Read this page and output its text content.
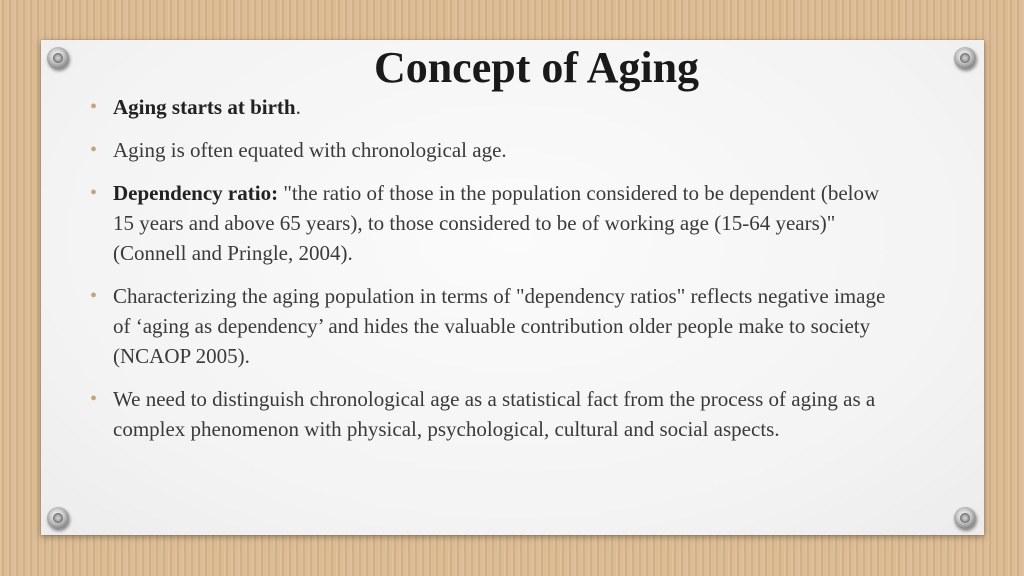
Concept of Aging
• Aging starts at birth.
• Aging is often equated with chronological age.
• Dependency ratio: "the ratio of those in the population considered to be dependent (below 15 years and above 65 years), to those considered to be of working age (15-64 years)" (Connell and Pringle, 2004).
• Characterizing the aging population in terms of "dependency ratios" reflects negative image of ‘aging as dependency’ and hides the valuable contribution older people make to society (NCAOP 2005).
• We need to distinguish chronological age as a statistical fact from the process of aging as a complex phenomenon with physical, psychological, cultural and social aspects.
